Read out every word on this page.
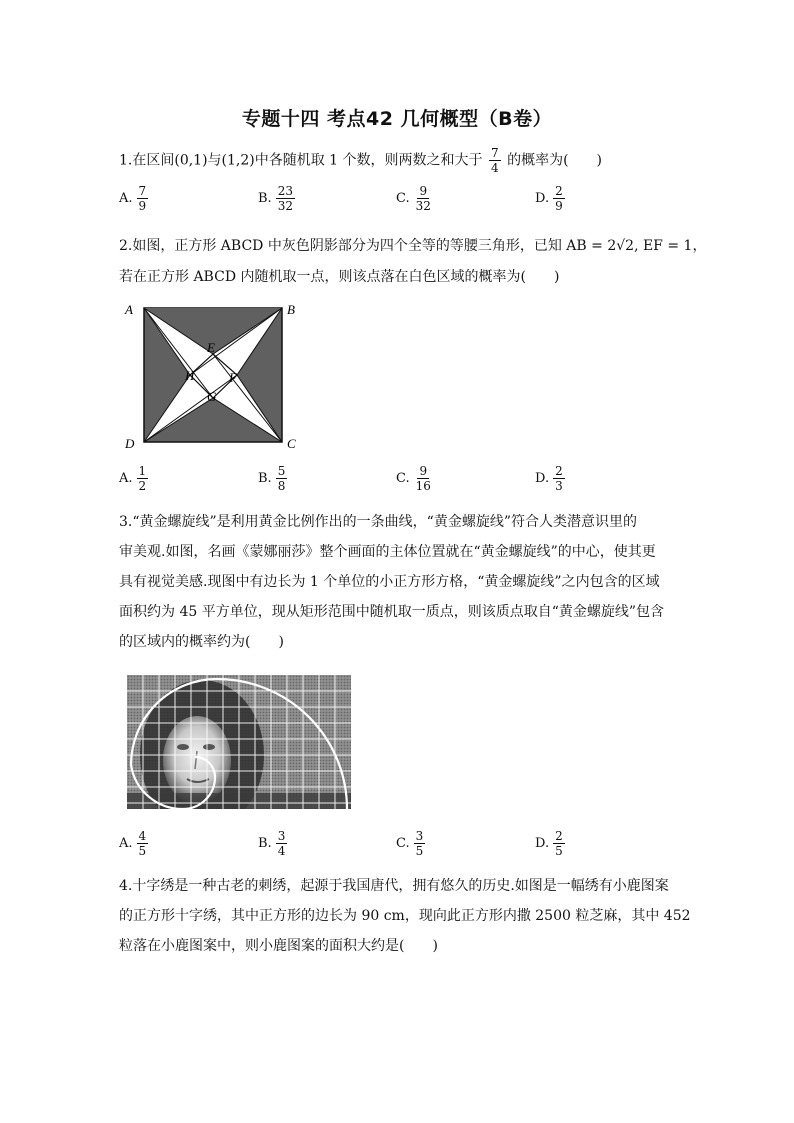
专题十四 考点42 几何概型（B卷）
1.在区间(0,1)与(1,2)中各随机取 1 个数，则两数之和大于 $\frac{7}{4}$ 的概率为(　　)
A. $\frac{7}{9}$	B. $\frac{23}{32}$	C. $\frac{9}{32}$	D. $\frac{2}{9}$
2.如图，正方形 ABCD 中灰色阴影部分为四个全等的等腰三角形，已知 AB = 2√2, EF = 1，
若在正方形 ABCD 内随机取一点，则该点落在白色区域的概率为(　　)
A	B
C
D
E
F
G
H
A. $\frac{1}{2}$	B. $\frac{5}{8}$	C. $\frac{9}{16}$	D. $\frac{2}{3}$

3.“黄金螺旋线”是利用黄金比例作出的一条曲线，“黄金螺旋线”符合人类潜意识里的

审美观.如图，名画《蒙娜丽莎》整个画面的主体位置就在“黄金螺旋线”的中心，使其更

具有视觉美感.现图中有边长为 1 个单位的小正方形方格，“黄金螺旋线”之内包含的区域

面积约为 45 平方单位，现从矩形范围中随机取一质点，则该质点取自“黄金螺旋线”包含

的区域内的概率约为(　　)

A. $\frac{4}{5}$	B. $\frac{3}{4}$	C. $\frac{3}{5}$	D. $\frac{2}{5}$

4.十字绣是一种古老的刺绣，起源于我国唐代，拥有悠久的历史.如图是一幅绣有小鹿图案

的正方形十字绣，其中正方形的边长为 90 cm，现向此正方形内撒 2500 粒芝麻，其中 452

粒落在小鹿图案中，则小鹿图案的面积大约是(　　)
